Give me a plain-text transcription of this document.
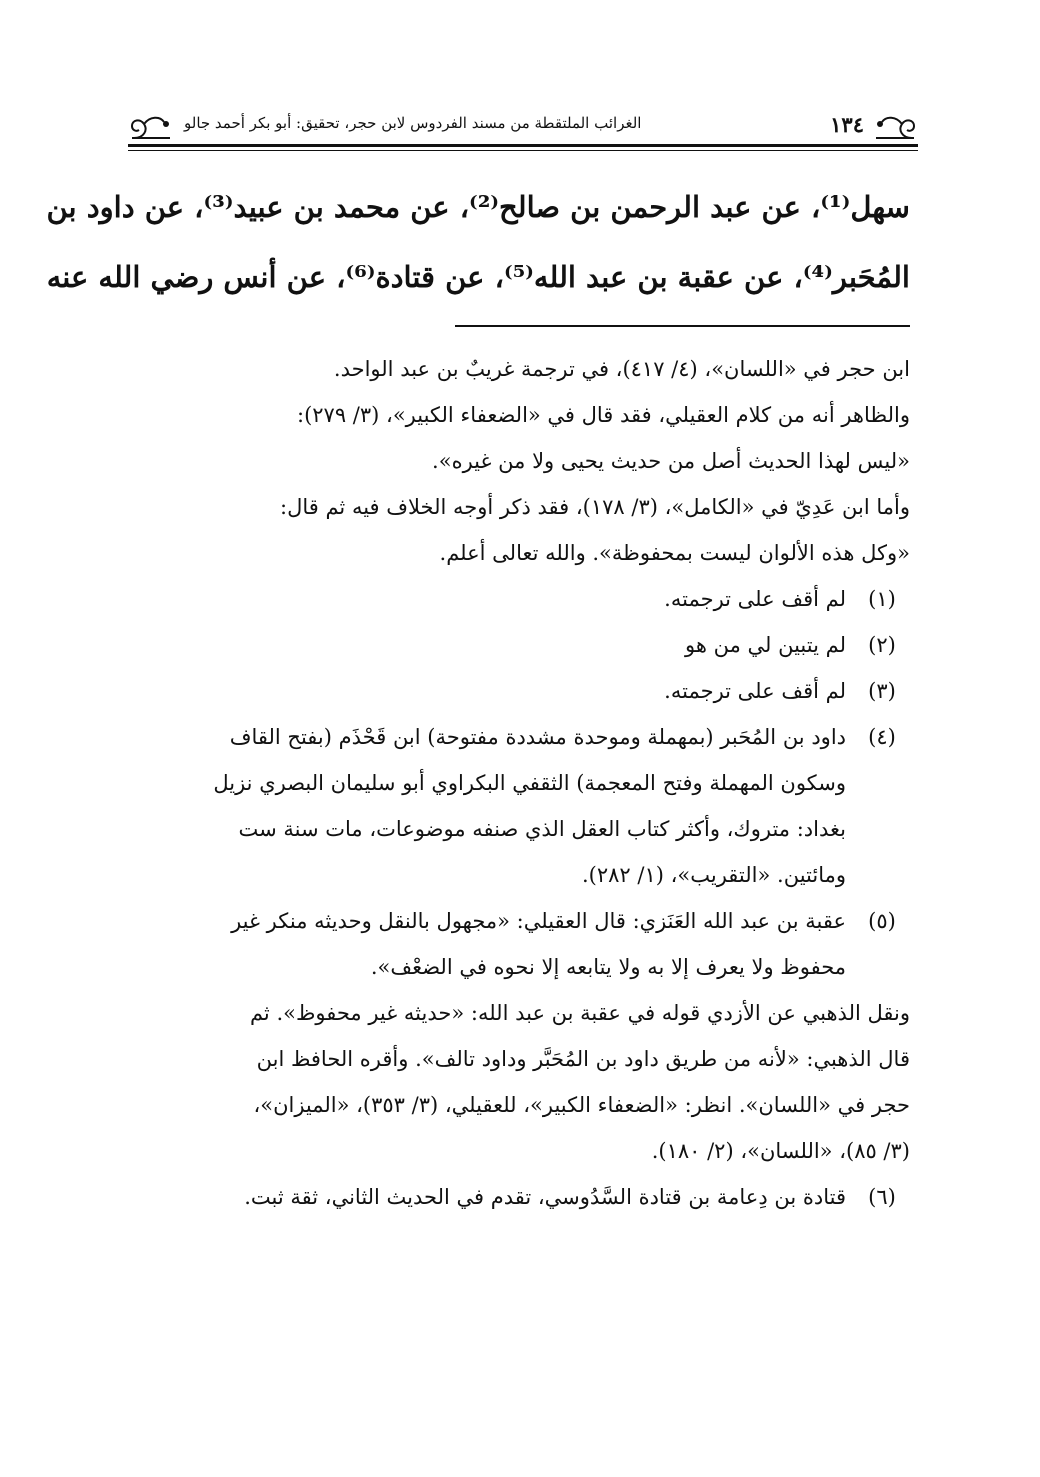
١٣٤
الغرائب الملتقطة من مسند الفردوس لابن حجر، تحقيق: أبو بكر أحمد جالو
سهل⁽¹⁾، عن عبد الرحمن بن صالح⁽²⁾، عن محمد بن عبيد⁽³⁾، عن داود بن
المُحَبر⁽⁴⁾، عن عقبة بن عبد الله⁽⁵⁾، عن قتادة⁽⁶⁾، عن أنس رضي الله عنه
ابن حجر في «اللسان»، (٤/ ٤١٧)، في ترجمة غريبٌ بن عبد الواحد.
والظاهر أنه من كلام العقيلي، فقد قال في «الضعفاء الكبير»، (٣/ ٢٧٩):
«ليس لهذا الحديث أصل من حديث يحيى ولا من غيره».
وأما ابن عَدِيّ في «الكامل»، (٣/ ١٧٨)، فقد ذكر أوجه الخلاف فيه ثم قال:
«وكل هذه الألوان ليست بمحفوظة». والله تعالى أعلم.
(١)
لم أقف على ترجمته.
(٢)
لم يتبين لي من هو
(٣)
لم أقف على ترجمته.
(٤)
داود بن المُحَبر (بمهملة وموحدة مشددة مفتوحة) ابن قَحْذَم (بفتح القاف
وسكون المهملة وفتح المعجمة) الثقفي البكراوي أبو سليمان البصري نزيل
بغداد: متروك، وأكثر كتاب العقل الذي صنفه موضوعات، مات سنة ست
ومائتين. «التقريب»، (١/ ٢٨٢).
(٥)
عقبة بن عبد الله العَنَزي: قال العقيلي: «مجهول بالنقل وحديثه منكر غير
محفوظ ولا يعرف إلا به ولا يتابعه إلا نحوه في الضعْف».
ونقل الذهبي عن الأزدي قوله في عقبة بن عبد الله: «حديثه غير محفوظ». ثم
قال الذهبي: «لأنه من طريق داود بن المُحَبَّر وداود تالف». وأقره الحافظ ابن
حجر في «اللسان». انظر: «الضعفاء الكبير»، للعقيلي، (٣/ ٣٥٣)، «الميزان»،
(٣/ ٨٥)، «اللسان»، (٢/ ١٨٠).
(٦)
قتادة بن دِعامة بن قتادة السَّدُوسي، تقدم في الحديث الثاني، ثقة ثبت.
